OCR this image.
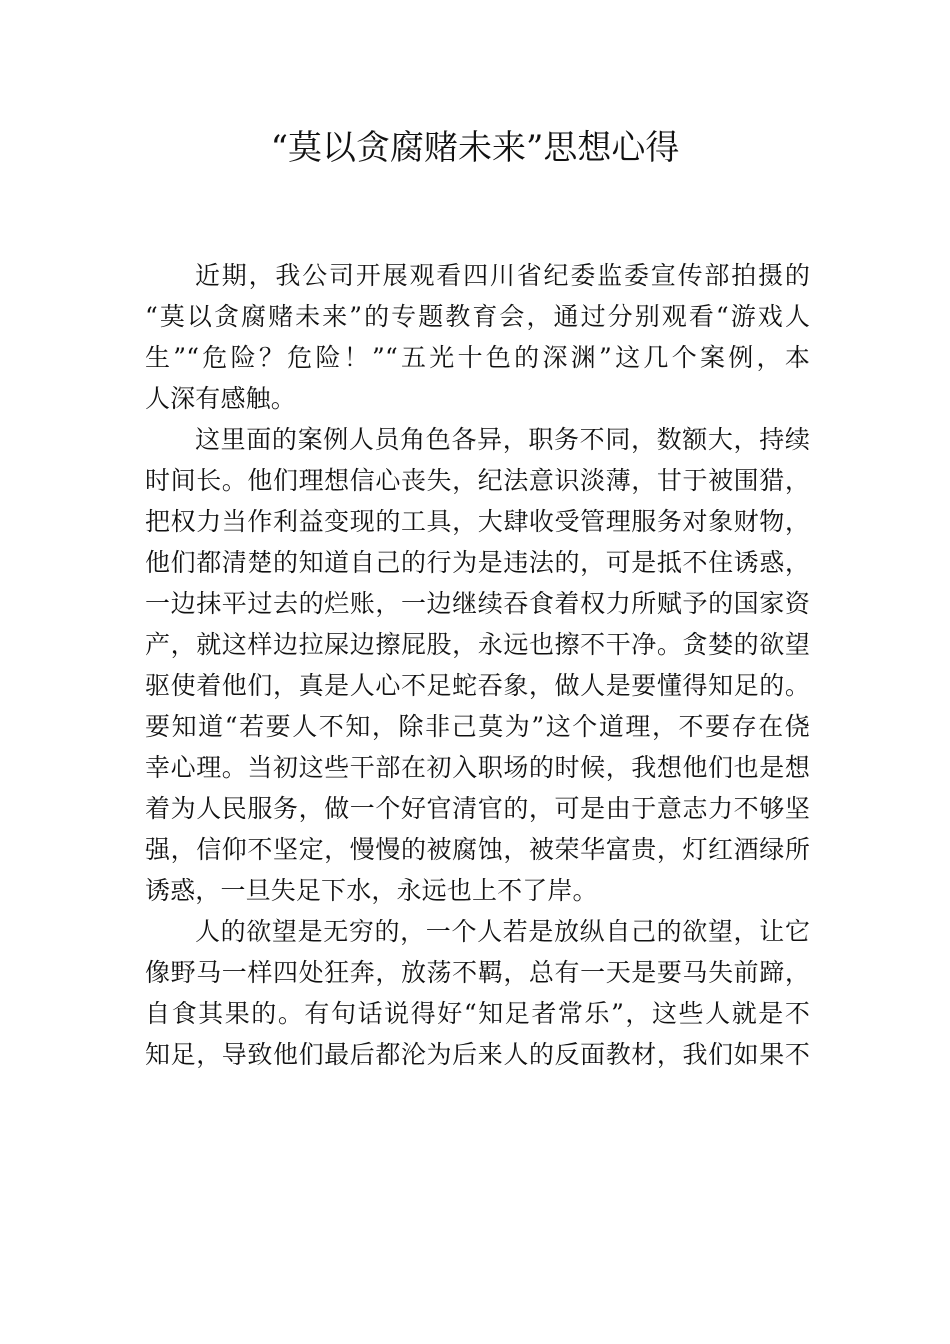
“莫以贪腐赌未来”思想心得
近期，我公司开展观看四川省纪委监委宣传部拍摄的
“莫以贪腐赌未来”的专题教育会，通过分别观看“游戏人
生”“危险？危险！”“五光十色的深渊”这几个案例，本
人深有感触。
这里面的案例人员角色各异，职务不同，数额大，持续
时间长。他们理想信心丧失，纪法意识淡薄，甘于被围猎，
把权力当作利益变现的工具，大肆收受管理服务对象财物，
他们都清楚的知道自己的行为是违法的，可是抵不住诱惑，
一边抹平过去的烂账，一边继续吞食着权力所赋予的国家资
产，就这样边拉屎边擦屁股，永远也擦不干净。贪婪的欲望
驱使着他们，真是人心不足蛇吞象，做人是要懂得知足的。
要知道“若要人不知，除非己莫为”这个道理，不要存在侥
幸心理。当初这些干部在初入职场的时候，我想他们也是想
着为人民服务，做一个好官清官的，可是由于意志力不够坚
强，信仰不坚定，慢慢的被腐蚀，被荣华富贵，灯红酒绿所
诱惑，一旦失足下水，永远也上不了岸。
人的欲望是无穷的，一个人若是放纵自己的欲望，让它
像野马一样四处狂奔，放荡不羁，总有一天是要马失前蹄，
自食其果的。有句话说得好“知足者常乐”，这些人就是不
知足，导致他们最后都沦为后来人的反面教材，我们如果不
